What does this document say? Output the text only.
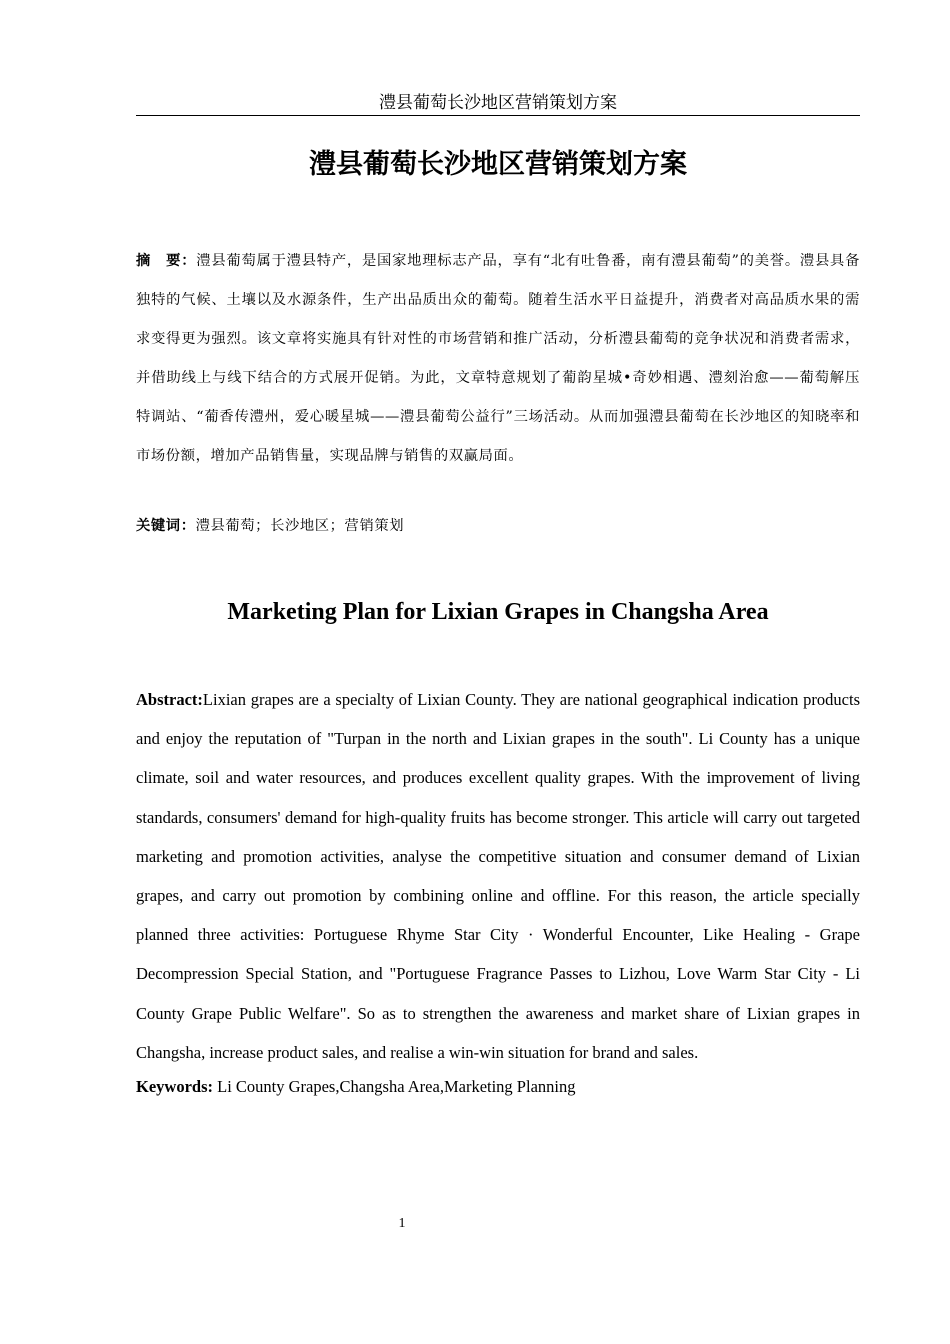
澧县葡萄长沙地区营销策划方案
澧县葡萄长沙地区营销策划方案
摘　要：澧县葡萄属于澧县特产，是国家地理标志产品，享有“北有吐鲁番，南有澧县葡萄”的美誉。澧县具备独特的气候、土壤以及水源条件，生产出品质出众的葡萄。随着生活水平日益提升，消费者对高品质水果的需求变得更为强烈。该文章将实施具有针对性的市场营销和推广活动，分析澧县葡萄的竞争状况和消费者需求，并借助线上与线下结合的方式展开促销。为此，文章特意规划了葡韵星城•奇妙相遇、澧刻治愈——葡萄解压特调站、“葡香传澧州，爱心暖星城——澧县葡萄公益行”三场活动。从而加强澧县葡萄在长沙地区的知晓率和市场份额，增加产品销售量，实现品牌与销售的双赢局面。
关键词：澧县葡萄；长沙地区；营销策划
Marketing Plan for Lixian Grapes in Changsha Area
Abstract:Lixian grapes are a specialty of Lixian County. They are national geographical indication products and enjoy the reputation of "Turpan in the north and Lixian grapes in the south". Li County has a unique climate, soil and water resources, and produces excellent quality grapes. With the improvement of living standards, consumers' demand for high-quality fruits has become stronger. This article will carry out targeted marketing and promotion activities, analyse the competitive situation and consumer demand of Lixian grapes, and carry out promotion by combining online and offline. For this reason, the article specially planned three activities: Portuguese Rhyme Star City · Wonderful Encounter, Like Healing - Grape Decompression Special Station, and "Portuguese Fragrance Passes to Lizhou, Love Warm Star City - Li County Grape Public Welfare". So as to strengthen the awareness and market share of Lixian grapes in Changsha, increase product sales, and realise a win-win situation for brand and sales.
Keywords: Li County Grapes,Changsha Area,Marketing Planning
1
